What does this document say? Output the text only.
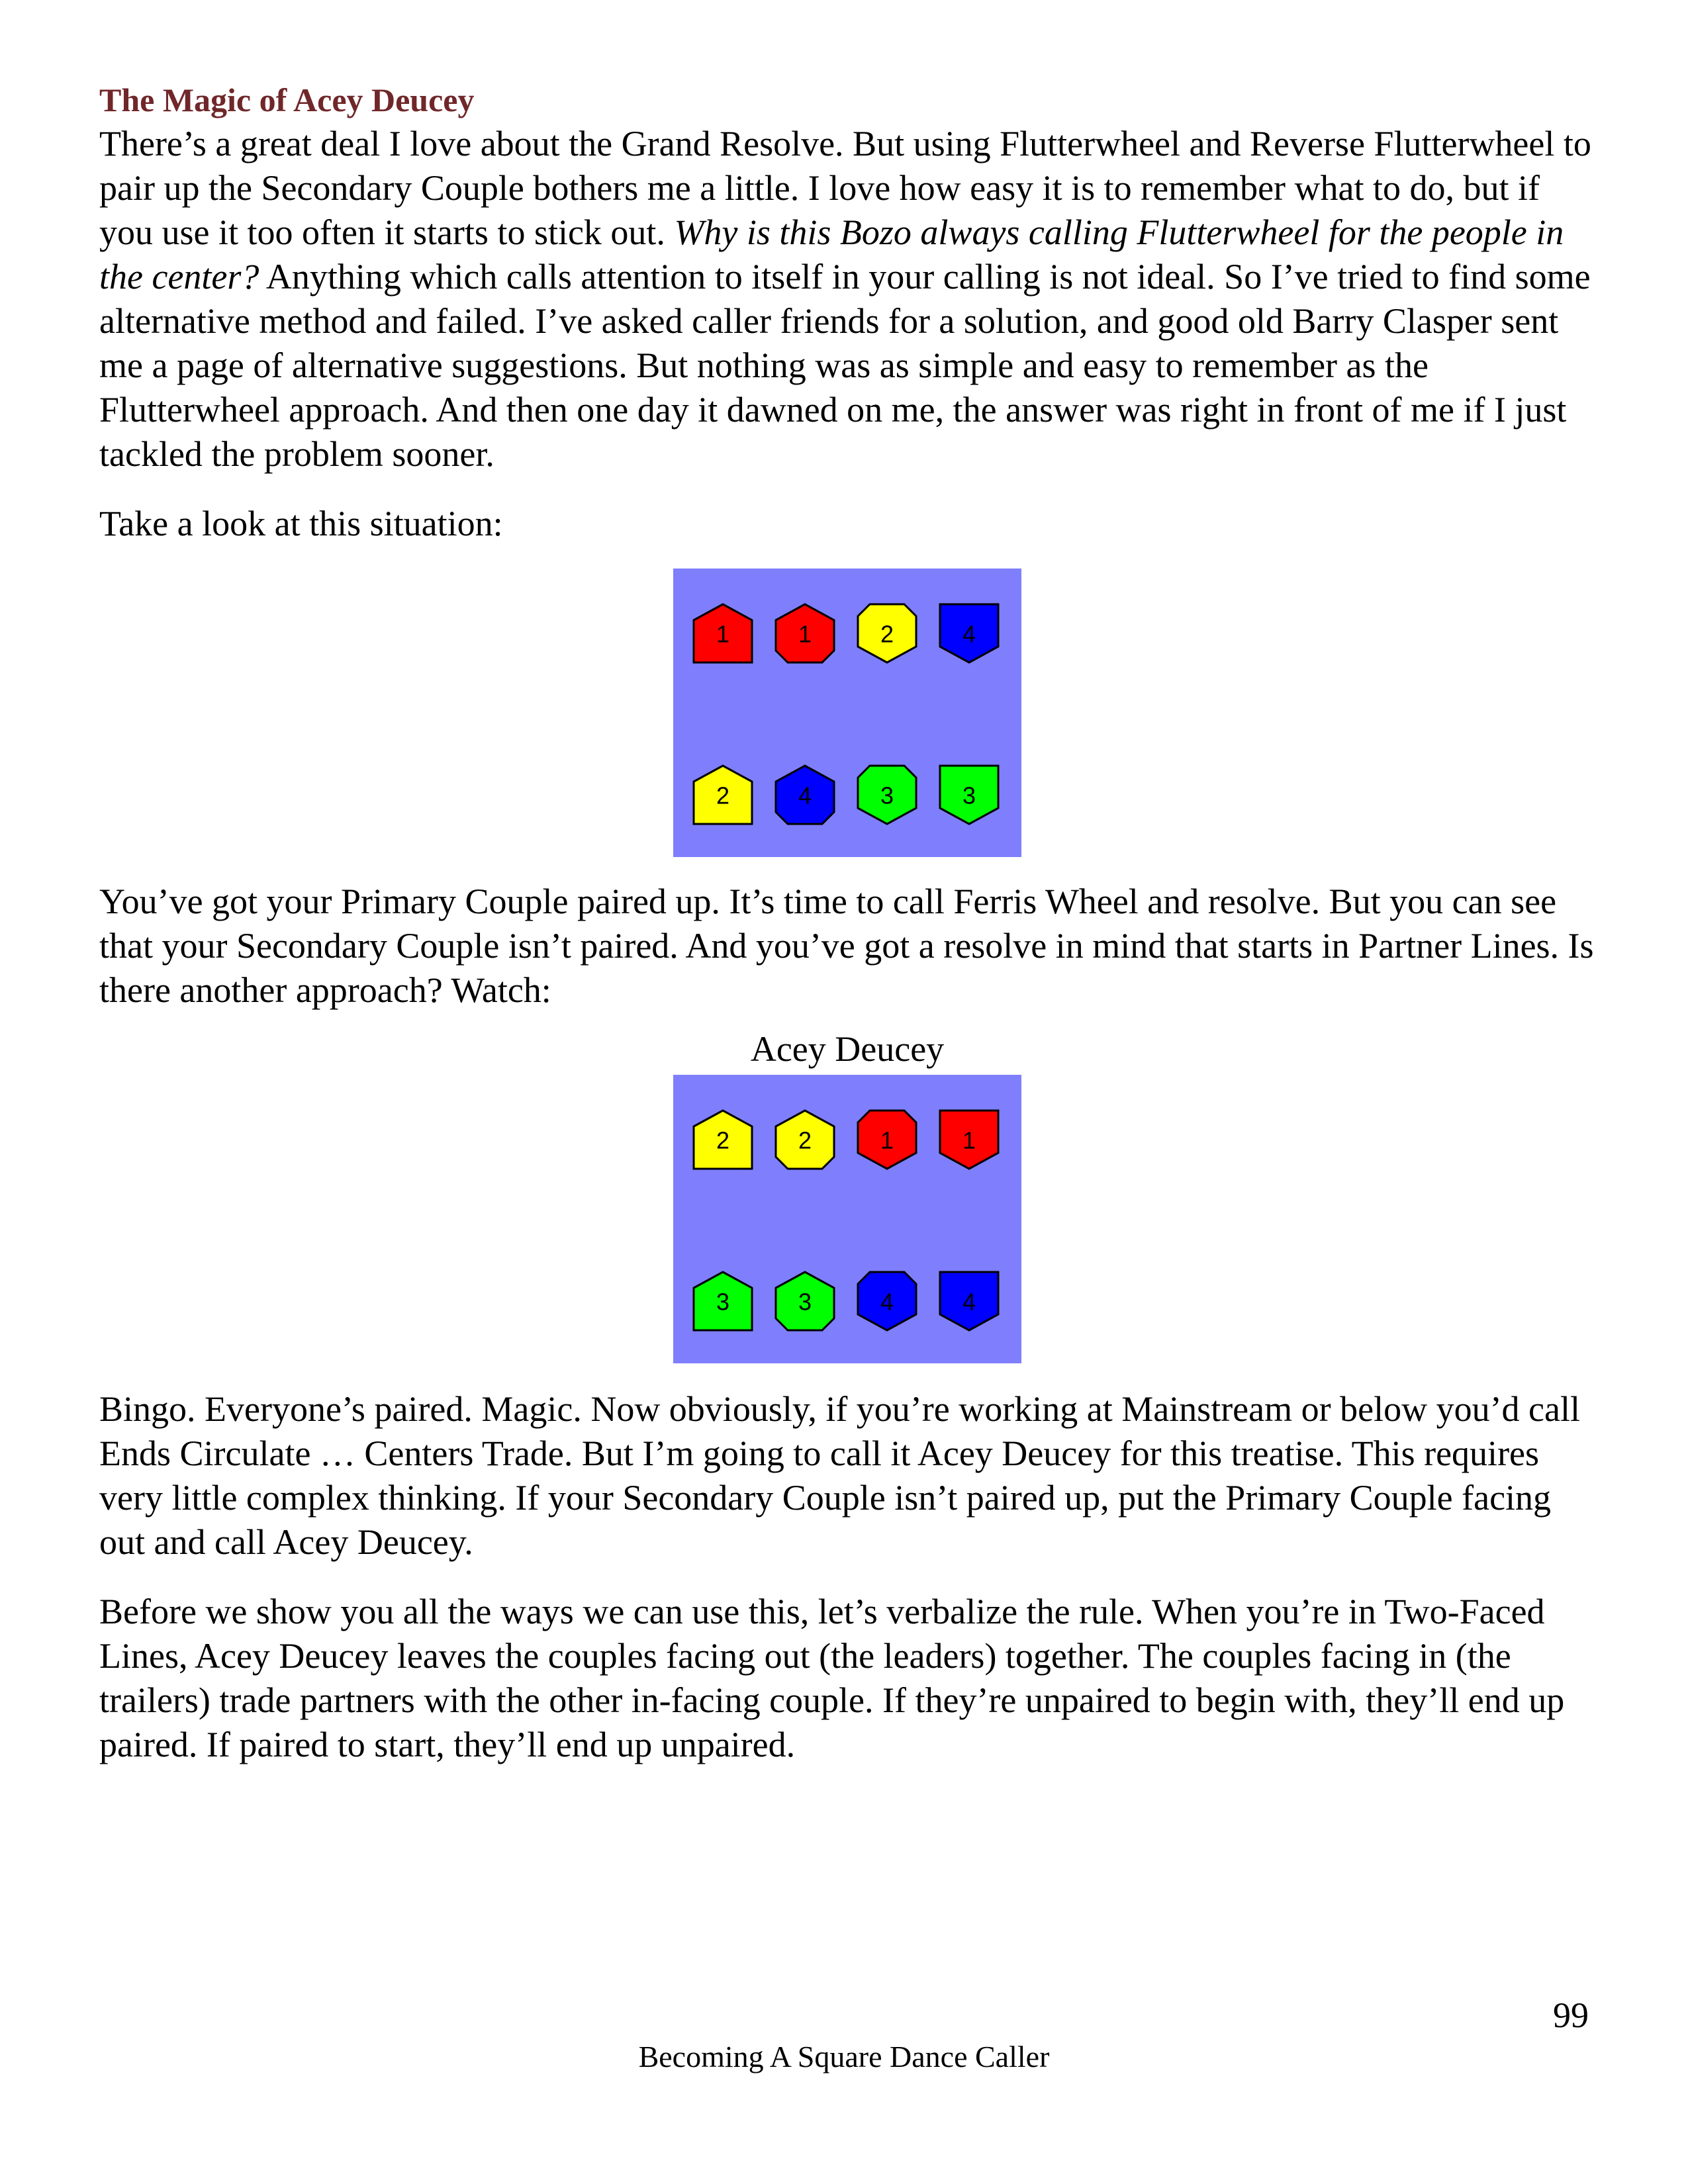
The Magic of Acey Deucey

There’s a great deal I love about the Grand Resolve. But using Flutterwheel and Reverse Flutterwheel to pair up the Secondary Couple bothers me a little. I love how easy it is to remember what to do, but if you use it too often it starts to stick out. Why is this Bozo always calling Flutterwheel for the people in the center? Anything which calls attention to itself in your calling is not ideal. So I’ve tried to find some alternative method and failed. I’ve asked caller friends for a solution, and good old Barry Clasper sent me a page of alternative suggestions. But nothing was as simple and easy to remember as the Flutterwheel approach. And then one day it dawned on me, the answer was right in front of me if I just tackled the problem sooner.

Take a look at this situation:

1	1	2	4
2	4	3	3

You’ve got your Primary Couple paired up. It’s time to call Ferris Wheel and resolve. But you can see that your Secondary Couple isn’t paired. And you’ve got a resolve in mind that starts in Partner Lines. Is there another approach? Watch:

Acey Deucey
2	2	1	1
3	3	4	4

Bingo. Everyone’s paired. Magic. Now obviously, if you’re working at Mainstream or below you’d call Ends Circulate … Centers Trade. But I’m going to call it Acey Deucey for this treatise. This requires very little complex thinking. If your Secondary Couple isn’t paired up, put the Primary Couple facing out and call Acey Deucey.

Before we show you all the ways we can use this, let’s verbalize the rule. When you’re in Two-Faced Lines, Acey Deucey leaves the couples facing out (the leaders) together. The couples facing in (the trailers) trade partners with the other in-facing couple. If they’re unpaired to begin with, they’ll end up paired. If paired to start, they’ll end up unpaired.

99
Becoming A Square Dance Caller
